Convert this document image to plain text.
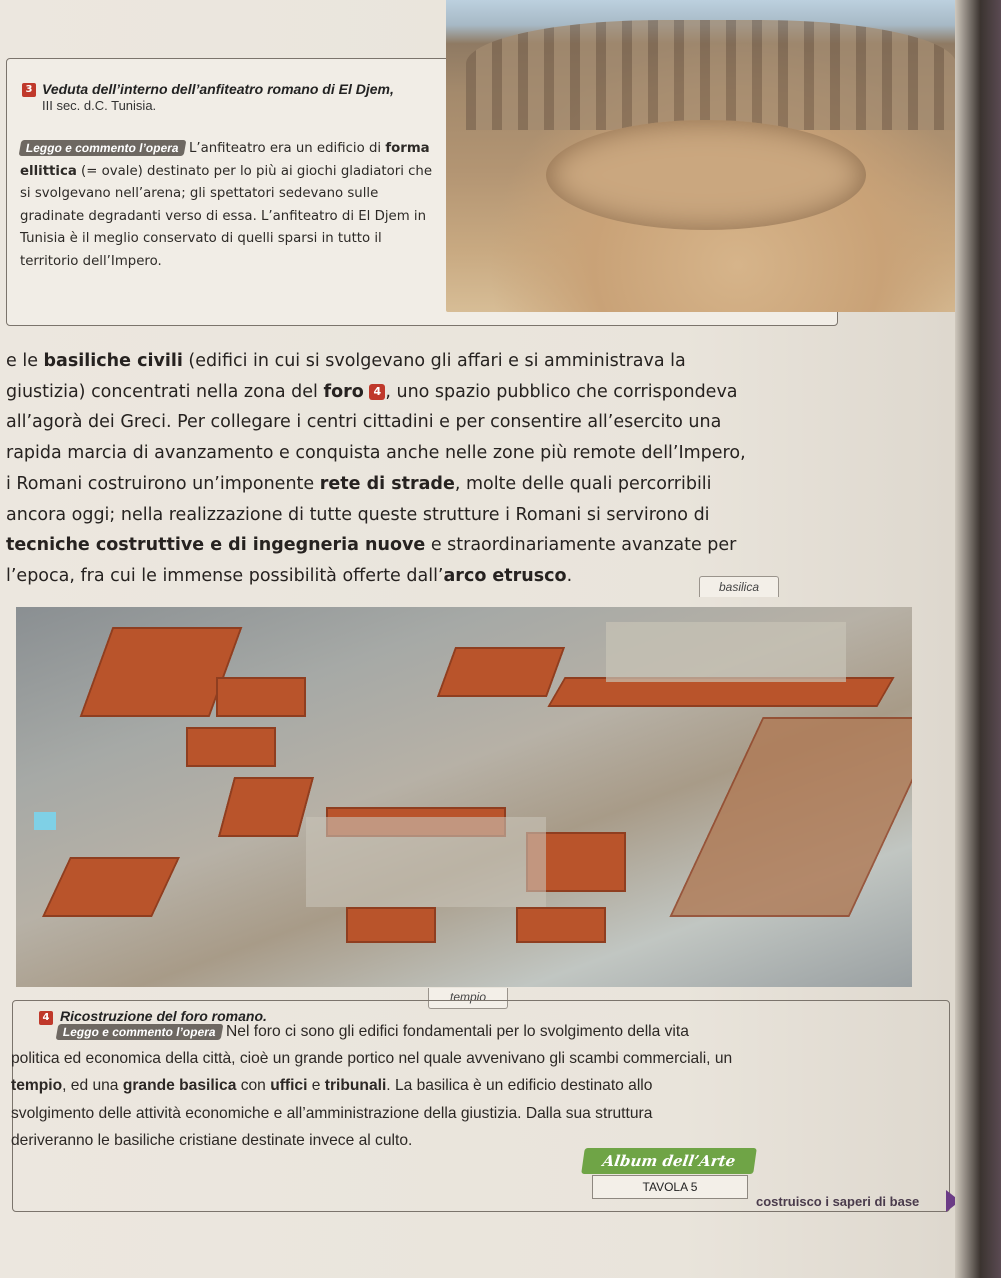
3 Veduta dell’interno dell’anfiteatro romano di El Djem,
III sec. d.C. Tunisia.
Leggo e commento l’opera L’anfiteatro era un edificio di forma ellittica (= ovale) destinato per lo più ai giochi gladiatori che si svolgevano nell’arena; gli spettatori sedevano sulle gradinate degradanti verso di essa. L’anfiteatro di El Djem in Tunisia è il meglio conservato di quelli sparsi in tutto il territorio dell’Impero.
e le basiliche civili (edifici in cui si svolgevano gli affari e si amministrava la
giustizia) concentrati nella zona del foro 4 , uno spazio pubblico che corrispondeva
all’agorà dei Greci. Per collegare i centri cittadini e per consentire all’esercito una
rapida marcia di avanzamento e conquista anche nelle zone più remote dell’Impero,
i Romani costruirono un’imponente rete di strade, molte delle quali percorribili
ancora oggi; nella realizzazione di tutte queste strutture i Romani si servirono di
tecniche costruttive e di ingegneria nuove e straordinariamente avanzate per
l’epoca, fra cui le immense possibilità offerte dall’arco etrusco.
basilica
tempio
4 Ricostruzione del foro romano.
Leggo e commento l’opera Nel foro ci sono gli edifici fondamentali per lo svolgimento della vita
politica ed economica della città, cioè un grande portico nel quale avvenivano gli scambi commerciali, un
tempio, ed una grande basilica con uffici e tribunali. La basilica è un edificio destinato allo
svolgimento delle attività economiche e all’amministrazione della giustizia. Dalla sua struttura
deriveranno le basiliche cristiane destinate invece al culto.
Album dell’Arte
TAVOLA 5
costruisco i saperi di base
